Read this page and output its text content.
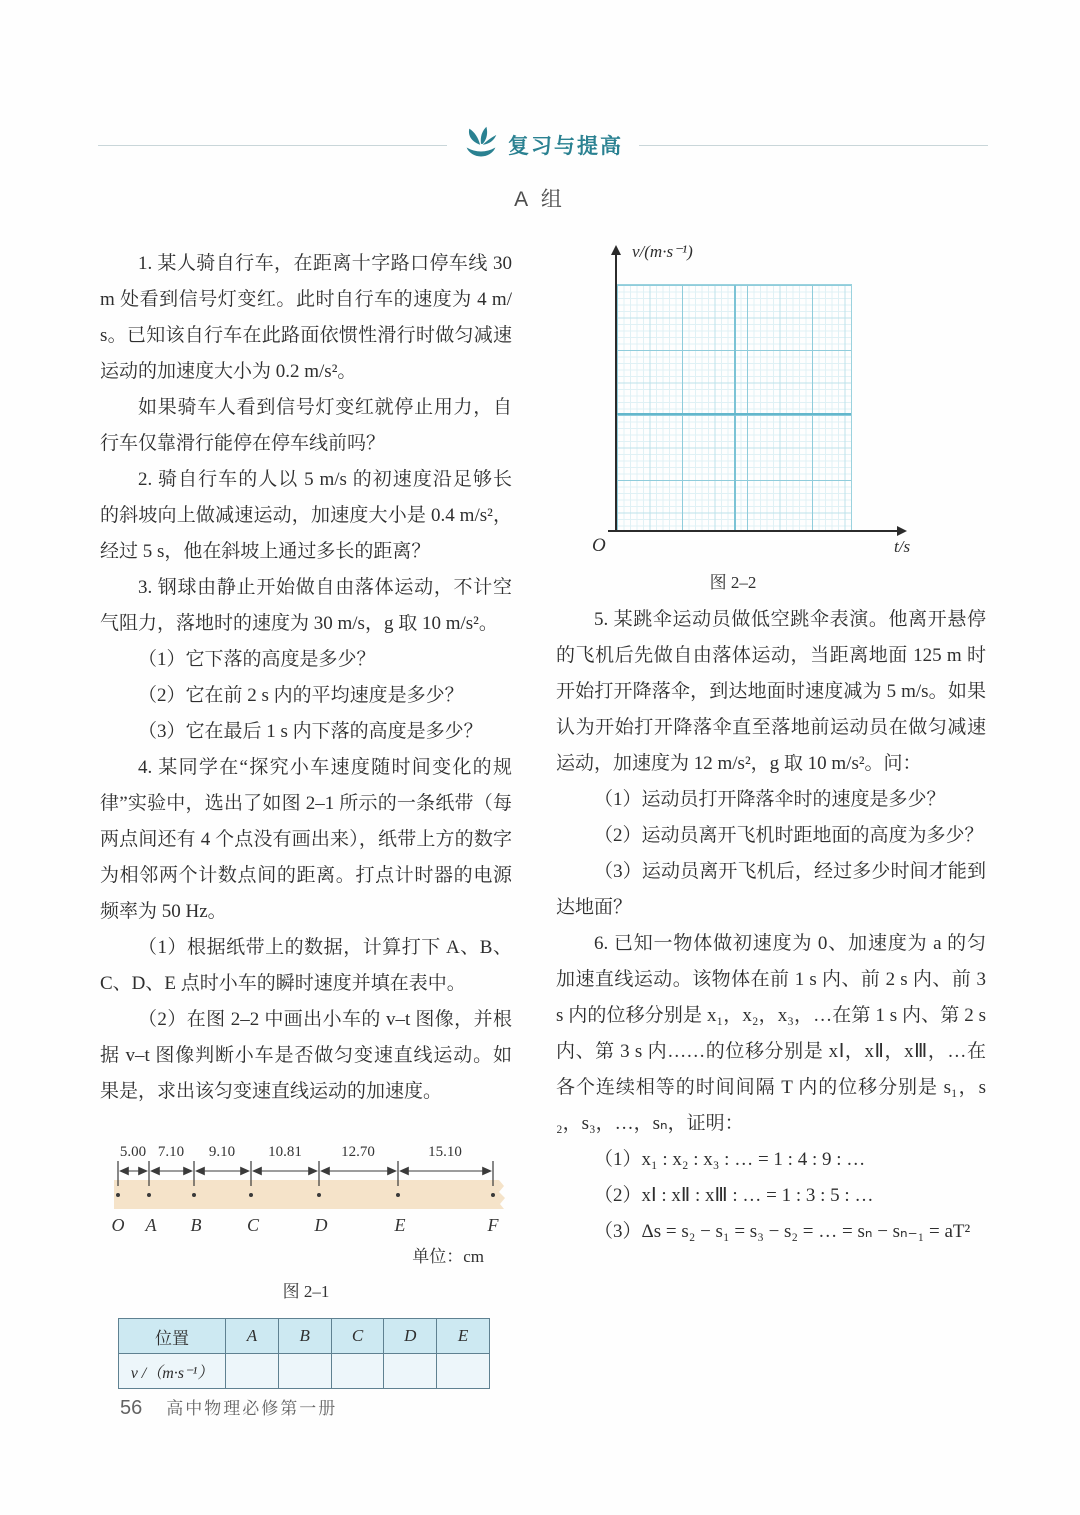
复习与提高
A 组

1. 某人骑自行车，在距离十字路口停车线 30 m 处看到信号灯变红。此时自行车的速度为 4 m/s。已知该自行车在此路面依惯性滑行时做匀减速运动的加速度大小为 0.2 m/s²。

如果骑车人看到信号灯变红就停止用力，自行车仅靠滑行能停在停车线前吗？

2. 骑自行车的人以 5 m/s 的初速度沿足够长的斜坡向上做减速运动，加速度大小是 0.4 m/s²，经过 5 s，他在斜坡上通过多长的距离？

3. 钢球由静止开始做自由落体运动，不计空气阻力，落地时的速度为 30 m/s，g 取 10 m/s²。

（1）它下落的高度是多少？

（2）它在前 2 s 内的平均速度是多少？

（3）它在最后 1 s 内下落的高度是多少？

4. 某同学在“探究小车速度随时间变化的规律”实验中，选出了如图 2–1 所示的一条纸带（每两点间还有 4 个点没有画出来），纸带上方的数字为相邻两个计数点间的距离。打点计时器的电源频率为 50 Hz。

（1）根据纸带上的数据，计算打下 A、B、C、D、E 点时小车的瞬时速度并填在表中。

（2）在图 2–2 中画出小车的 v–t 图像，并根据 v–t 图像判断小车是否做匀变速直线运动。如果是，求出该匀变速直线运动的加速度。

5.00 7.10 9.10 10.81	12.70	15.10
O A B	C	D	E	F
单位：cm
图 2–1
位置	A	B	C	D	E
v /（m·s⁻¹）					
v/(m·s⁻¹)
O	t/s
图 2–2

5. 某跳伞运动员做低空跳伞表演。他离开悬停的飞机后先做自由落体运动，当距离地面 125 m 时开始打开降落伞，到达地面时速度减为 5 m/s。如果认为开始打开降落伞直至落地前运动员在做匀减速运动，加速度为 12 m/s²，g 取 10 m/s²。问：

（1）运动员打开降落伞时的速度是多少？

（2）运动员离开飞机时距地面的高度为多少？

（3）运动员离开飞机后，经过多少时间才能到达地面？

6. 已知一物体做初速度为 0、加速度为 a 的匀加速直线运动。该物体在前 1 s 内、前 2 s 内、前 3 s 内的位移分别是 x₁，x₂，x₃，…在第 1 s 内、第 2 s 内、第 3 s 内……的位移分别是 xⅠ，xⅡ，xⅢ，…在各个连续相等的时间间隔 T 内的位移分别是 s₁，s₂，s₃，…，sₙ，证明：

（1）x₁ : x₂ : x₃ : … = 1 : 4 : 9 : …

（2）xⅠ : xⅡ : xⅢ : … = 1 : 3 : 5 : …

（3）Δs = s₂ − s₁ = s₃ − s₂ = … = sₙ − sₙ₋₁ = aT²

56 高中物理必修第一册
